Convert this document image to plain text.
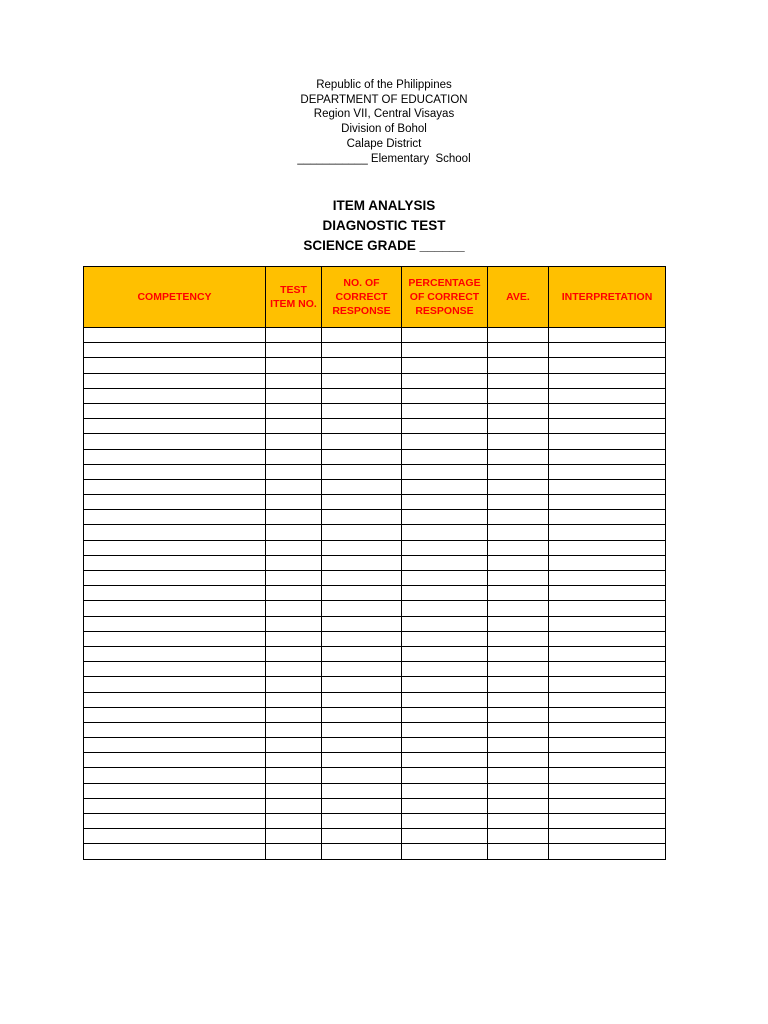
Republic of the Philippines
DEPARTMENT OF EDUCATION
Region VII, Central Visayas
Division of Bohol
Calape District
___________ Elementary  School
ITEM ANALYSIS
DIAGNOSTIC TEST
SCIENCE GRADE ______
COMPETENCY	TEST ITEM NO.	NO. OF CORRECT RESPONSE	PERCENTAGE OF CORRECT RESPONSE	AVE.	INTERPRETATION
